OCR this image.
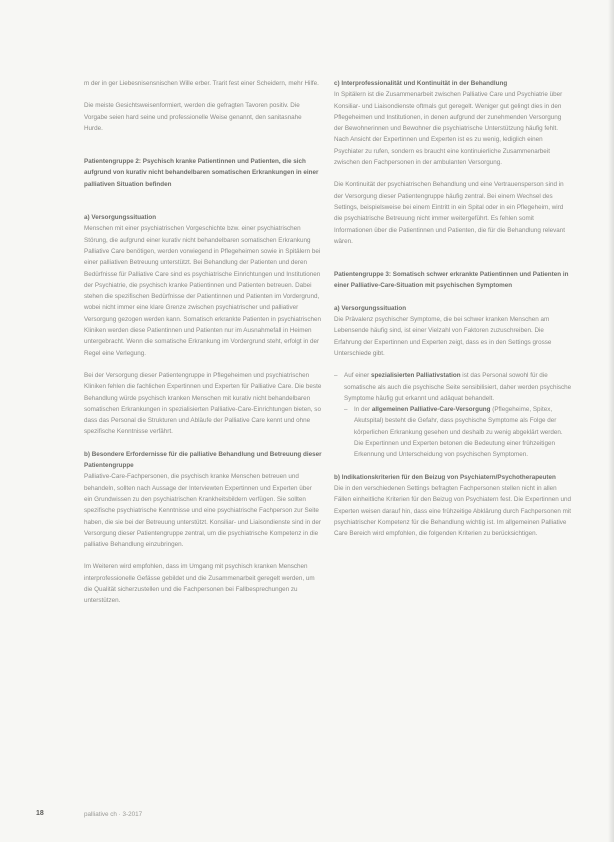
m der in ger Liebesnisensnischen Wille erber. Trarit fest einer Scheidern, mehr Hilfe.

Die meiste Gesichtsweisenformiert, werden die gefragten Tavoren positiv. Die Vorgabe seien hard seine und professionelle Weise genannt, den sanitasnahe Hurde.

Patientengruppe 2: Psychisch kranke Patientinnen und Patienten, die sich aufgrund von kurativ nicht behandelbaren somatischen Erkrankungen in einer palliativen Situation befinden
a) Versorgungssituation

Menschen mit einer psychiatrischen Vorgeschichte bzw. einer psychiatrischen Störung, die aufgrund einer kurativ nicht behandelbaren somatischen Erkrankung Palliative Care benötigen, werden vorwiegend in Pflegeheimen sowie in Spitälern bei einer palliativen Betreuung unterstützt. Bei Behandlung der Patienten und deren Bedürfnisse für Palliative Care sind es psychiatrische Einrichtungen und Institutionen der Psychiatrie, die psychisch kranke Patientinnen und Patienten betreuen. Dabei stehen die spezifischen Bedürfnisse der Patientinnen und Patienten im Vordergrund, wobei nicht immer eine klare Grenze zwischen psychiatrischer und palliativer Versorgung gezogen werden kann. Somatisch erkrankte Patienten in psychiatrischen Kliniken werden diese Patientinnen und Patienten nur im Ausnahmefall in Heimen untergebracht. Wenn die somatische Erkrankung im Vordergrund steht, erfolgt in der Regel eine Verlegung.

Bei der Versorgung dieser Patientengruppe in Pflegeheimen und psychiatrischen Kliniken fehlen die fachlichen Expertinnen und Experten für Palliative Care. Die beste Behandlung würde psychisch kranken Menschen mit kurativ nicht behandelbaren somatischen Erkrankungen in spezialisierten Palliative-Care-Einrichtungen bieten, so dass das Personal die Strukturen und Abläufe der Palliative Care kennt und ohne spezifische Kenntnisse verfährt.

b) Besondere Erfordernisse für die palliative Behandlung und Betreuung dieser Patientengruppe

Palliative-Care-Fachpersonen, die psychisch kranke Menschen betreuen und behandeln, sollten nach Aussage der Interviewten Expertinnen und Experten über ein Grundwissen zu den psychiatrischen Krankheitsbildern verfügen. Sie sollten spezifische psychiatrische Kenntnisse und eine psychiatrische Fachperson zur Seite haben, die sie bei der Betreuung unterstützt. Konsiliar- und Liaisondienste sind in der Versorgung dieser Patientengruppe zentral, um die psychiatrische Kompetenz in die palliative Behandlung einzubringen.

Im Weiteren wird empfohlen, dass im Umgang mit psychisch kranken Menschen interprofessionelle Gefässe gebildet und die Zusammenarbeit geregelt werden, um die Qualität sicherzustellen und die Fachpersonen bei Fallbesprechungen zu unterstützen.

c) Interprofessionalität und Kontinuität in der Behandlung

In Spitälern ist die Zusammenarbeit zwischen Palliative Care und Psychiatrie über Konsiliar- und Liaisondienste oftmals gut geregelt. Weniger gut gelingt dies in den Pflegeheimen und Institutionen, in denen aufgrund der zunehmenden Versorgung der Bewohnerinnen und Bewohner die psychiatrische Unterstützung häufig fehlt. Nach Ansicht der Expertinnen und Experten ist es zu wenig, lediglich einen Psychiater zu rufen, sondern es braucht eine kontinuierliche Zusammenarbeit zwischen den Fachpersonen in der ambulanten Versorgung.

Die Kontinuität der psychiatrischen Behandlung und eine Vertrauensperson sind in der Versorgung dieser Patientengruppe häufig zentral. Bei einem Wechsel des Settings, beispielsweise bei einem Eintritt in ein Spital oder in ein Pflegeheim, wird die psychiatrische Betreuung nicht immer weitergeführt. Es fehlen somit Informationen über die Patientinnen und Patienten, die für die Behandlung relevant wären.

Patientengruppe 3: Somatisch schwer erkrankte Patientinnen und Patienten in einer Palliative-Care-Situation mit psychischen Symptomen
a) Versorgungssituation

Die Prävalenz psychischer Symptome, die bei schwer kranken Menschen am Lebensende häufig sind, ist einer Vielzahl von Faktoren zuzuschreiben. Die Erfahrung der Expertinnen und Experten zeigt, dass es in den Settings grosse Unterschiede gibt.

– Auf einer spezialisierten Palliativstation ist das Personal sowohl für die somatische als auch die psychische Seite sensibilisiert, daher werden psychische Symptome häufig gut erkannt und adäquat behandelt.
– In der allgemeinen Palliative-Care-Versorgung (Pflegeheime, Spitex, Akutspital) besteht die Gefahr, dass psychische Symptome als Folge der körperlichen Erkrankung gesehen und deshalb zu wenig abgeklärt werden. Die Expertinnen und Experten betonen die Bedeutung einer frühzeitigen Erkennung und Unterscheidung von psychischen Symptomen.
b) Indikationskriterien für den Beizug von Psychiatern/Psychotherapeuten

Die in den verschiedenen Settings befragten Fachpersonen stellen nicht in allen Fällen einheitliche Kriterien für den Beizug von Psychiatern fest. Die Expertinnen und Experten weisen darauf hin, dass eine frühzeitige Abklärung durch Fachpersonen mit psychiatrischer Kompetenz für die Behandlung wichtig ist. Im allgemeinen Palliative Care Bereich wird empfohlen, die folgenden Kriterien zu berücksichtigen.

18	palliative ch · 3-2017
